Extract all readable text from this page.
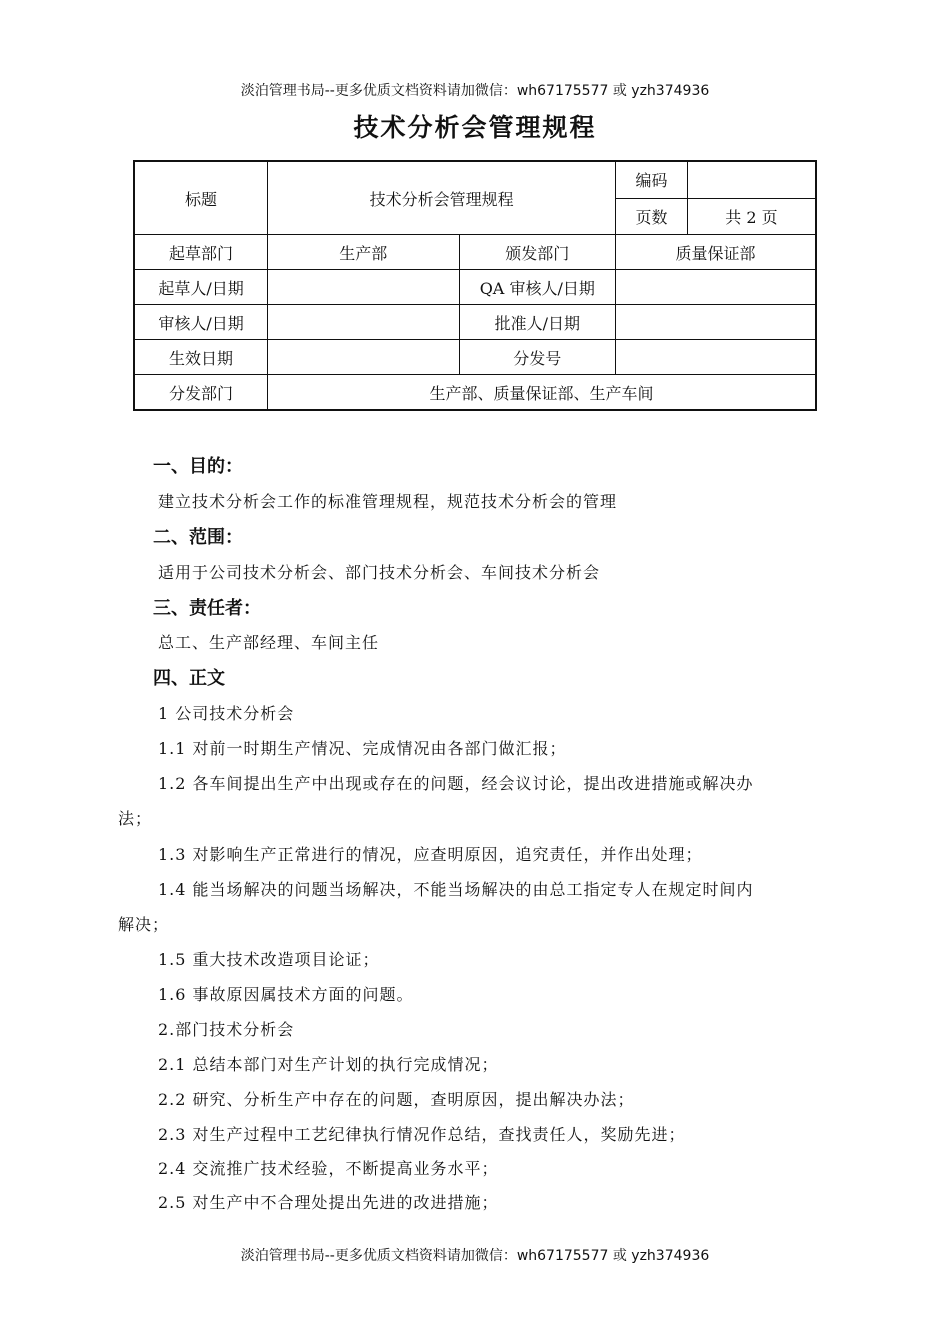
淡泊管理书局--更多优质文档资料请加微信：wh67175577 或 yzh374936
技术分析会管理规程
标题	技术分析会管理规程		编码	
			页数	共 2 页
起草部门	生产部	颁发部门	质量保证部	
起草人/日期		QA 审核人/日期		
审核人/日期		批准人/日期		
生效日期		分发号		
分发部门	生产部、质量保证部、生产车间			
一、目的：
建立技术分析会工作的标准管理规程，规范技术分析会的管理
二、范围：
适用于公司技术分析会、部门技术分析会、车间技术分析会
三、责任者：
总工、生产部经理、车间主任
四、正文
1 公司技术分析会
1.1 对前一时期生产情况、完成情况由各部门做汇报；
1.2 各车间提出生产中出现或存在的问题，经会议讨论，提出改进措施或解决办
法；
1.3 对影响生产正常进行的情况，应查明原因，追究责任，并作出处理；
1.4 能当场解决的问题当场解决，不能当场解决的由总工指定专人在规定时间内
解决；
1.5 重大技术改造项目论证；
1.6 事故原因属技术方面的问题。
2.部门技术分析会
2.1 总结本部门对生产计划的执行完成情况；
2.2 研究、分析生产中存在的问题，查明原因，提出解决办法；
2.3 对生产过程中工艺纪律执行情况作总结，查找责任人，奖励先进；
2.4 交流推广技术经验，不断提高业务水平；
2.5 对生产中不合理处提出先进的改进措施；
淡泊管理书局--更多优质文档资料请加微信：wh67175577 或 yzh374936
